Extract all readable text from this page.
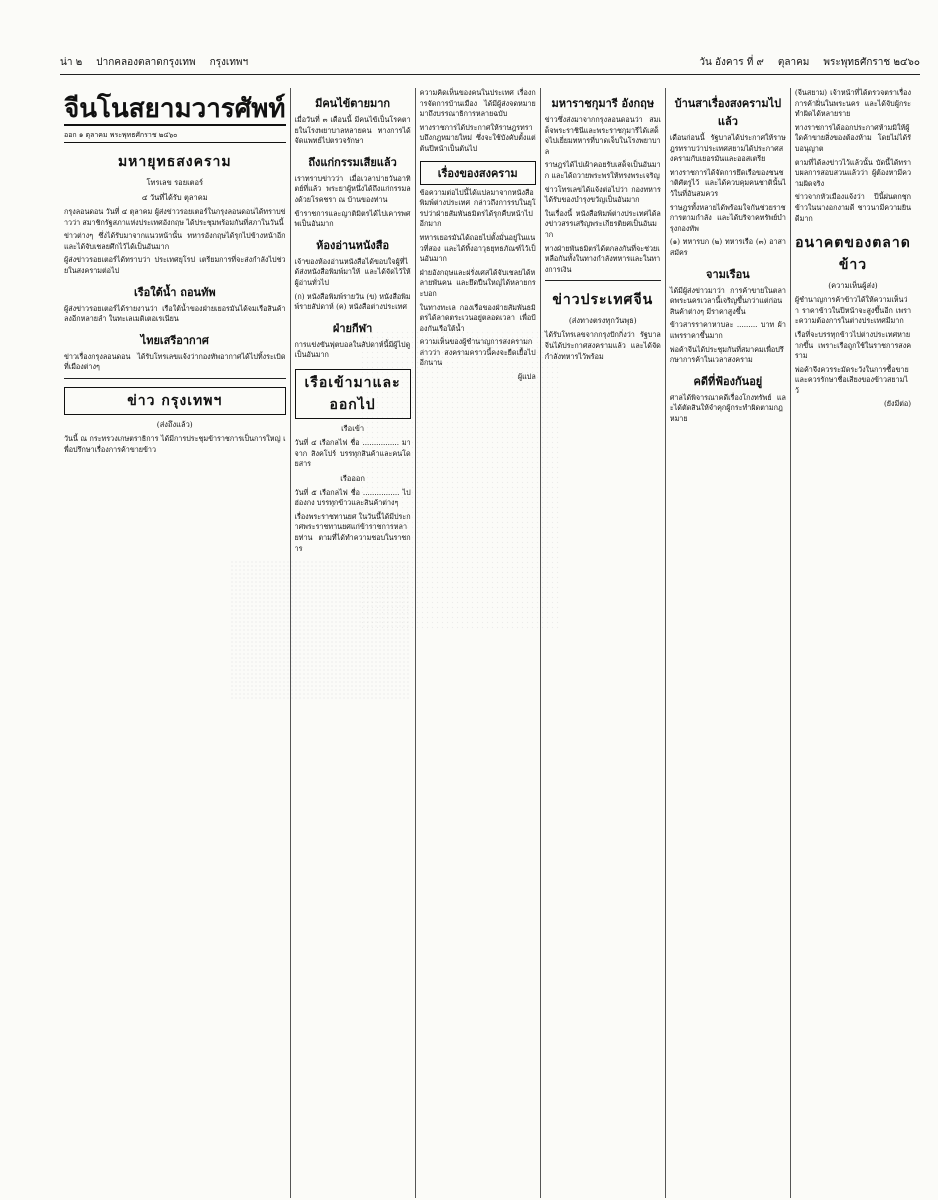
น่า ๒ ปากคลองตลาดกรุงเทพ กรุงเทพฯ	วัน อังคาร ที่ ๙ ตุลาคม พระพุทธศักราช ๒๔๖๐
จีนโนสยามวารศัพท์
ออก ๑ ตุลาคม พระพุทธศักราช ๒๔๖๐
มหายุทธสงคราม
โทรเลข รอยเตอร์
๔ วันที่ได้รับ ตุลาคม

กรุงลอนดอน วันที่ ๔ ตุลาคม ผู้ส่งข่าวรอยเตอร์ในกรุงลอนดอนได้ทราบข่าวว่า สมาชิกรัฐสภาแห่งประเทศอังกฤษ ได้ประชุมพร้อมกันที่สภาในวันนี้

ข่าวต่างๆ ซึ่งได้รับมาจากแนวหน้านั้น ทหารอังกฤษได้รุกไปข้างหน้าอีก และได้จับเชลยศึกไว้ได้เป็นอันมาก

ผู้ส่งข่าวรอยเตอร์ได้ทราบว่า ประเทศยุโรป เตรียมการที่จะส่งกำลังไปช่วยในสงครามต่อไป

เรือใต้น้ำ ถอนทัพ

ผู้ส่งข่าวรอยเตอร์ได้รายงานว่า เรือใต้น้ำของฝ่ายเยอรมันได้จมเรือสินค้าลงอีกหลายลำ ในทะเลเมดิเตอเรเนียน

ไทยเสรีอากาศ

ข่าวเรื่องกรุงลอนดอน ได้รับโทรเลขแจ้งว่ากองทัพอากาศได้ไปทิ้งระเบิดที่เมืองต่างๆ

ข่าว กรุงเทพฯ
(ส่งถึงแล้ว)

วันนี้ ณ กระทรวงเกษตราธิการ ได้มีการประชุมข้าราชการเป็นการใหญ่ เพื่อปรึกษาเรื่องการค้าขายข้าว

มีคนไข้ตายมาก

เมื่อวันที่ ๓ เดือนนี้ มีคนไข้เป็นโรคตายในโรงพยาบาลหลายคน ทางการได้จัดแพทย์ไปตรวจรักษา

ถึงแก่กรรมเสียแล้ว

เราทราบข่าวว่า เมื่อเวลาบ่ายวันอาทิตย์ที่แล้ว พระยาผู้หนึ่งได้ถึงแก่กรรมลงด้วยโรคชรา ณ บ้านของท่าน

ข้าราชการและญาติมิตรได้ไปเคารพศพเป็นอันมาก

ห้องอ่านหนังสือ

เจ้าของห้องอ่านหนังสือได้ขอบใจผู้ที่ได้ส่งหนังสือพิมพ์มาให้ และได้จัดไว้ให้ผู้อ่านทั่วไป

(ก) หนังสือพิมพ์รายวัน (ข) หนังสือพิมพ์รายสัปดาห์ (ค) หนังสือต่างประเทศ

ฝ่ายกีฬา

การแข่งขันฟุตบอลในสัปดาห์นี้มีผู้ไปดูเป็นอันมาก

เรือเข้ามาและออกไป
เรือเข้า

วันที่ ๔ เรือกลไฟ ชื่อ ................ มาจาก สิงคโปร์ บรรทุกสินค้าและคนโดยสาร

เรือออก

วันที่ ๕ เรือกลไฟ ชื่อ ................ ไป ฮ่องกง บรรทุกข้าวและสินค้าต่างๆ

เรื่องพระราชทานยศ ในวันนี้ได้มีประกาศพระราชทานยศแก่ข้าราชการหลายท่าน ตามที่ได้ทำความชอบในราชการ

ความคิดเห็นของคนในประเทศ เรื่องการจัดการบ้านเมือง ได้มีผู้ส่งจดหมายมาถึงบรรณาธิการหลายฉบับ

ทางราชการได้ประกาศให้ราษฎรทราบถึงกฎหมายใหม่ ซึ่งจะใช้บังคับตั้งแต่ต้นปีหน้าเป็นต้นไป

เรื่องของสงคราม

ข้อความต่อไปนี้ได้แปลมาจากหนังสือพิมพ์ต่างประเทศ กล่าวถึงการรบในยุโรปว่าฝ่ายสัมพันธมิตรได้รุกคืบหน้าไปอีกมาก

ทหารเยอรมันได้ถอยไปตั้งมั่นอยู่ในแนวที่สอง และได้ทิ้งอาวุธยุทธภัณฑ์ไว้เป็นอันมาก

ฝ่ายอังกฤษและฝรั่งเศสได้จับเชลยได้หลายพันคน และยึดปืนใหญ่ได้หลายกระบอก

ในทางทะเล กองเรือของฝ่ายสัมพันธมิตรได้ลาดตระเวนอยู่ตลอดเวลา เพื่อป้องกันเรือใต้น้ำ

ความเห็นของผู้ชำนาญการสงครามกล่าวว่า สงครามคราวนี้คงจะยืดเยื้อไปอีกนาน

ผู้แปล

มหาราชกุมารี อังกฤษ

ข่าวซึ่งส่งมาจากกรุงลอนดอนว่า สมเด็จพระราชินีและพระราชกุมารีได้เสด็จไปเยี่ยมทหารที่บาดเจ็บในโรงพยาบาล

ราษฎรได้ไปเฝ้าคอยรับเสด็จเป็นอันมาก และได้ถวายพระพรให้ทรงพระเจริญ

ข่าวโทรเลขได้แจ้งต่อไปว่า กองทหารได้รับของบำรุงขวัญเป็นอันมาก

ในเรื่องนี้ หนังสือพิมพ์ต่างประเทศได้ลงข่าวสรรเสริญพระเกียรติยศเป็นอันมาก

ทางฝ่ายพันธมิตรได้ตกลงกันที่จะช่วยเหลือกันทั้งในทางกำลังทหารและในทางการเงิน

ข่าวประเทศจีน
(ส่งทางตรงทุกวันพุธ)

ได้รับโทรเลขจากกรุงปักกิ่งว่า รัฐบาลจีนได้ประกาศสงครามแล้ว และได้จัดกำลังทหารไว้พร้อม

บ้านสาเรื่องสงครามไปแล้ว

เดือนก่อนนี้ รัฐบาลได้ประกาศให้ราษฎรทราบว่าประเทศสยามได้ประกาศสงครามกับเยอรมันและออสเตรีย

ทางราชการได้จัดการยึดเรือของชนชาติศัตรูไว้ และได้ควบคุมคนชาตินั้นไว้ในที่อันสมควร

ราษฎรทั้งหลายได้พร้อมใจกันช่วยราชการตามกำลัง และได้บริจาคทรัพย์บำรุงกองทัพ

(๑) ทหารบก (๒) ทหารเรือ (๓) อาสาสมัคร

จามเรือน

ได้มีผู้ส่งข่าวมาว่า การค้าขายในตลาดพระนครเวลานี้เจริญขึ้นกว่าแต่ก่อน สินค้าต่างๆ มีราคาสูงขึ้น

ข้าวสารราคาหาบละ ......... บาท ผ้าแพรราคาขึ้นมาก

พ่อค้าจีนได้ประชุมกันที่สมาคมเพื่อปรึกษาการค้าในเวลาสงคราม

คดีที่ฟ้องกันอยู่

ศาลได้พิจารณาคดีเรื่องโกงทรัพย์ และได้ตัดสินให้จำคุกผู้กระทำผิดตามกฎหมาย

(จีนสยาม) เจ้าหน้าที่ได้ตรวจตราเรื่องการค้าฝิ่นในพระนคร และได้จับผู้กระทำผิดได้หลายราย

ทางราชการได้ออกประกาศห้ามมิให้ผู้ใดค้าขายสิ่งของต้องห้าม โดยไม่ได้รับอนุญาต

ตามที่ได้ลงข่าวไว้แล้วนั้น บัดนี้ได้ทราบผลการสอบสวนแล้วว่า ผู้ต้องหามีความผิดจริง

ข่าวจากหัวเมืองแจ้งว่า ปีนี้ฝนตกชุก ข้าวในนางอกงามดี ชาวนามีความยินดีมาก

อนาคตของตลาดข้าว
(ความเห็นผู้ส่ง)

ผู้ชำนาญการค้าข้าวได้ให้ความเห็นว่า ราคาข้าวในปีหน้าจะสูงขึ้นอีก เพราะความต้องการในต่างประเทศมีมาก

เรือที่จะบรรทุกข้าวไปต่างประเทศหายากขึ้น เพราะเรือถูกใช้ในราชการสงคราม

พ่อค้าจึงควรระมัดระวังในการซื้อขาย และควรรักษาชื่อเสียงของข้าวสยามไว้

(ยังมีต่อ)
